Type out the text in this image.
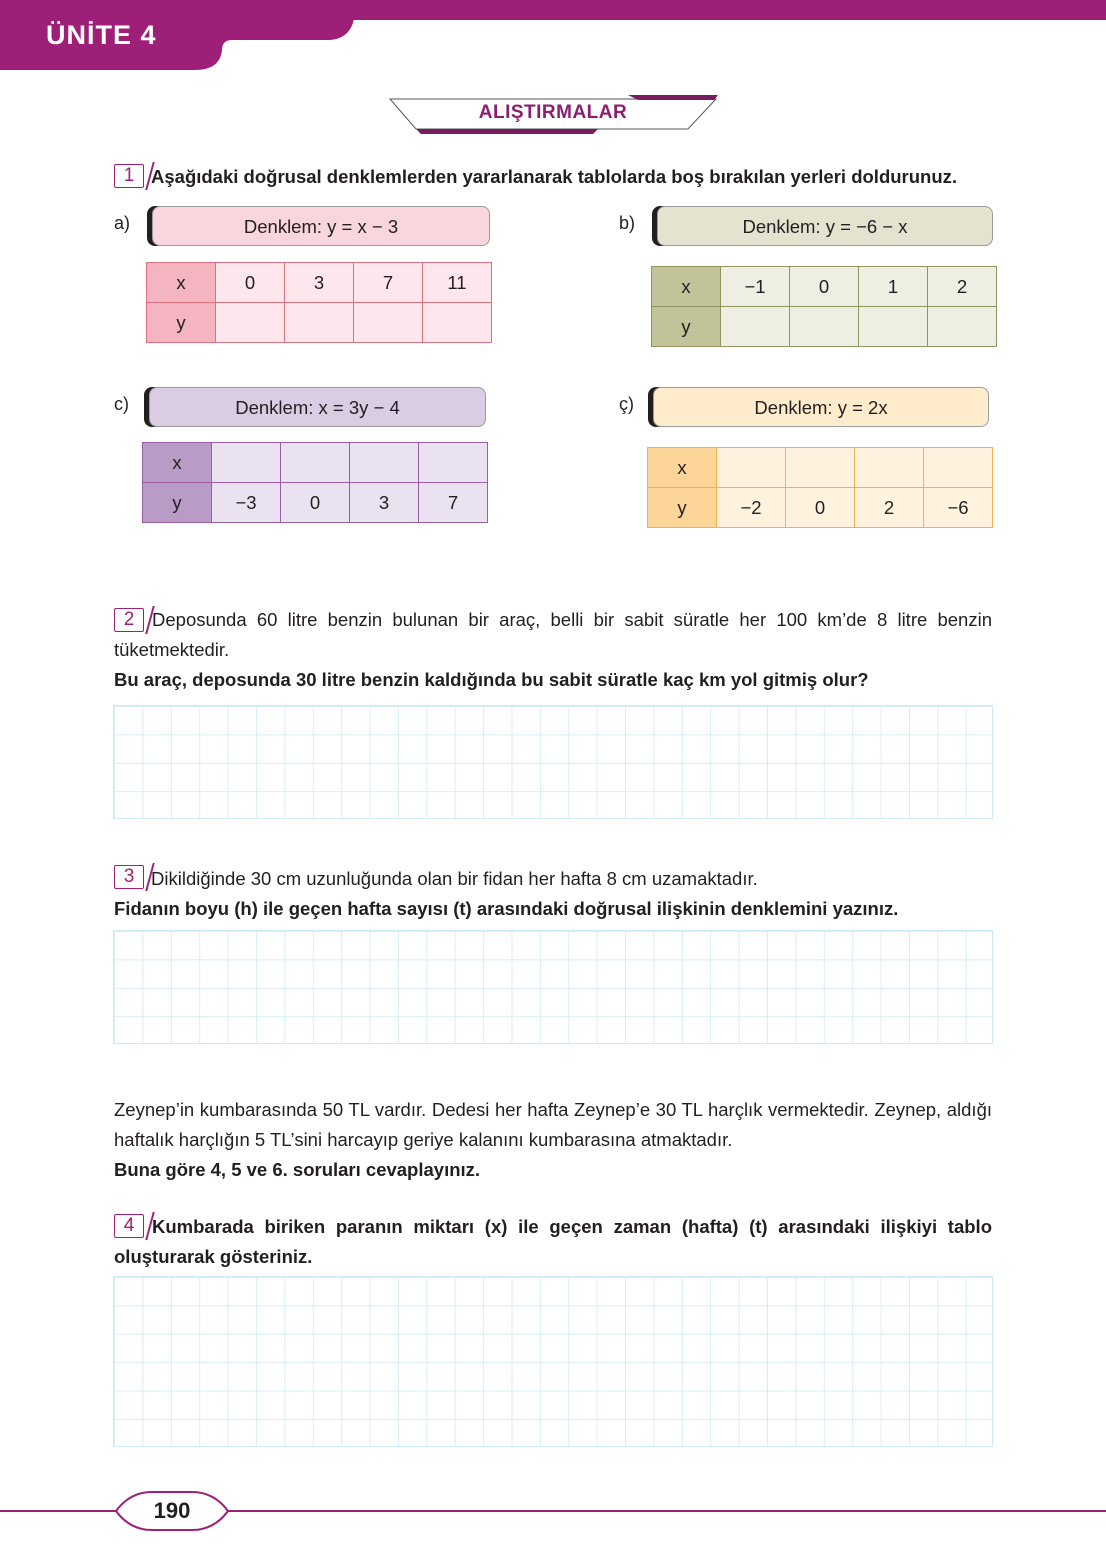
ÜNİTE 4
ALIŞTIRMALAR
1 Aşağıdaki doğrusal denklemlerden yararlanarak tablolarda boş bırakılan yerleri doldurunuz.
a)	Denklem: y = x − 3
x	0	3	7	11
y				
b)	Denklem: y = −6 − x
x	−1	0	1	2
y				
c)	Denklem: x = 3y − 4
x				
y	−3	0	3	7
ç)	Denklem: y = 2x
x				
y	−2	0	2	−6
2 Deposunda 60 litre benzin bulunan bir araç, belli bir sabit süratle her 100 km’de 8 litre benzin tüketmektedir.
Bu araç, deposunda 30 litre benzin kaldığında bu sabit süratle kaç km yol gitmiş olur?
3 Dikildiğinde 30 cm uzunluğunda olan bir fidan her hafta 8 cm uzamaktadır.
Fidanın boyu (h) ile geçen hafta sayısı (t) arasındaki doğrusal ilişkinin denklemini yazınız.
Zeynep’in kumbarasında 50 TL vardır. Dedesi her hafta Zeynep’e 30 TL harçlık vermektedir. Zeynep, aldığı haftalık harçlığın 5 TL’sini harcayıp geriye kalanını kumbarasına atmaktadır.
Buna göre 4, 5 ve 6. soruları cevaplayınız.
4 Kumbarada biriken paranın miktarı (x) ile geçen zaman (hafta) (t) arasındaki ilişkiyi tablo oluşturarak gösteriniz.
190
